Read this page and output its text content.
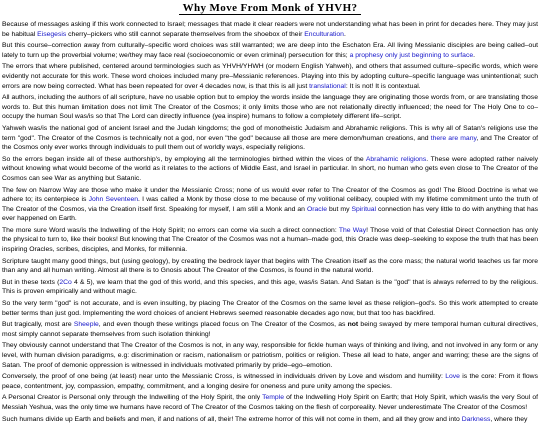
Why Move From Monk of YHVH?

Because of messages asking if this work connected to Israel; messages that made it clear readers were not understanding what has been in print for decades here. They may just be habitual Eisegesis cherry–pickers who still cannot separate themselves from the shoebox of their Enculturation.

But this course–correction away from culturally–specific word choices was still warranted; we are deep into the Eschaton Era. All living Messianic disciples are being called–out lately to turn up the proverbial volume; we/they may face real (socioeconomic or even criminal) persecution for this; a prophesy only just beginning to surface.

The errors that where published, centered around terminologies such as YHVH/YHWH (or modern English Yahweh), and others that assumed culture–specific words, which were evidently not accurate for this work. These word choices included many pre–Messianic references. Playing into this by adopting culture–specific language was unintentional; such errors are now being corrected. What has been repeated for over 4 decades now, is that this is all just translational: It is not! It is contextual.

All authors, including the authors of all scripture, have no usable option but to employ the words inside the language they are originating those words from, or are translating those words to. But this human limitation does not limit The Creator of the Cosmos; it only limits those who are not relationally directly influenced; the need for The Holy One to co–occupy the human Soul was/is so that The Lord can directly influence (yea inspire) humans to follow a completely different life–script.

Yahweh was/is the national god of ancient Israel and the Judah kingdoms; the god of monotheistic Judaism and Abrahamic religions. This is why all of Satan's religions use the term "god". The Creator of the Cosmos is technically not a god, nor even "the god" because all those are mere demon/human creations, and there are many, and The Creator of the Cosmos only ever works through individuals to pull them out of worldly ways, especially religions.

So the errors began inside all of these authorship's, by employing all the terminologies birthed within the vices of the Abrahamic religions. These were adopted rather naively without knowing what would become of the world as it relates to the actions of Middle East, and Israel in particular. In short, no human who gets even close to The Creator of the Cosmos can see War as anything but Satanic.

The few on Narrow Way are those who make it under the Messianic Cross; none of us would ever refer to The Creator of the Cosmos as god! The Blood Doctrine is what we adhere to; its centerpiece is John Seventeen. I was called a Monk by those close to me because of my volitional celibacy, coupled with my lifetime commitment unto the truth of The Creator of the Cosmos, via the Creation itself first. Speaking for myself, I am still a Monk and an Oracle but my Spiritual connection has very little to do with anything that has ever happened on Earth.

The more sure Word was/is the Indwelling of the Holy Spirit; no errors can come via such a direct connection: The Way! Those void of that Celestial Direct Connection has only the physical to turn to, like their books! But knowing that The Creator of the Cosmos was not a human–made god, this Oracle was deep–seeking to expose the truth that has been inspiring Oracles, scribes, disciples, and Monks, for millennia.

Scripture taught many good things, but (using geology), by creating the bedrock layer that begins with The Creation itself as the core mass; the natural world teaches us far more than any and all human writing. Almost all there is to Gnosis about The Creator of the Cosmos, is found in the natural world.

But in these texts (2Co 4 & 5), we learn that the god of this world, and this species, and this age, was/is Satan. And Satan is the "god" that is always referred to by the religious. This is proven empirically and without magic.

So the very term "god" is not accurate, and is even insulting, by placing The Creator of the Cosmos on the same level as these religion–god's. So this work attempted to create better terms than just god. Implementing the word choices of ancient Hebrews seemed reasonable decades ago now, but that too has backfired.

But tragically, most are Sheeple, and even though these writings placed focus on The Creator of the Cosmos, as not being swayed by mere temporal human cultural directives, most simply cannot separate themselves from such isolation thinking!

They obviously cannot understand that The Creator of the Cosmos is not, in any way, responsible for fickle human ways of thinking and living, and not involved in any form or any level, with human division paradigms, e.g: discrimination or racism, nationalism or patriotism, politics or religion. These all lead to hate, anger and warring; these are the signs of Satan. The proof of demonic oppression is witnessed in individuals motivated primarily by pride–ego–emotion.

Conversely, the proof of one being (at least) near unto the Messianic Cross, is witnessed in individuals driven by Love and wisdom and humility: Love is the core: From it flows peace, contentment, joy, compassion, empathy, commitment, and a longing desire for oneness and pure unity among the species.

A Personal Creator is Personal only through the Indwelling of the Holy Spirit, the only Temple of the Indwelling Holy Spirit on Earth; that Holy Spirit, which was/is the very Soul of Messiah Yeshua, was the only time we humans have record of The Creator of the Cosmos taking on the flesh of corporeality. Never underestimate The Creator of the Cosmos!

Such humans divide up Earth and beliefs and men, if and nations of all, their! The extreme horror of this will not come in them, and all they grow and into Darkness, where they
